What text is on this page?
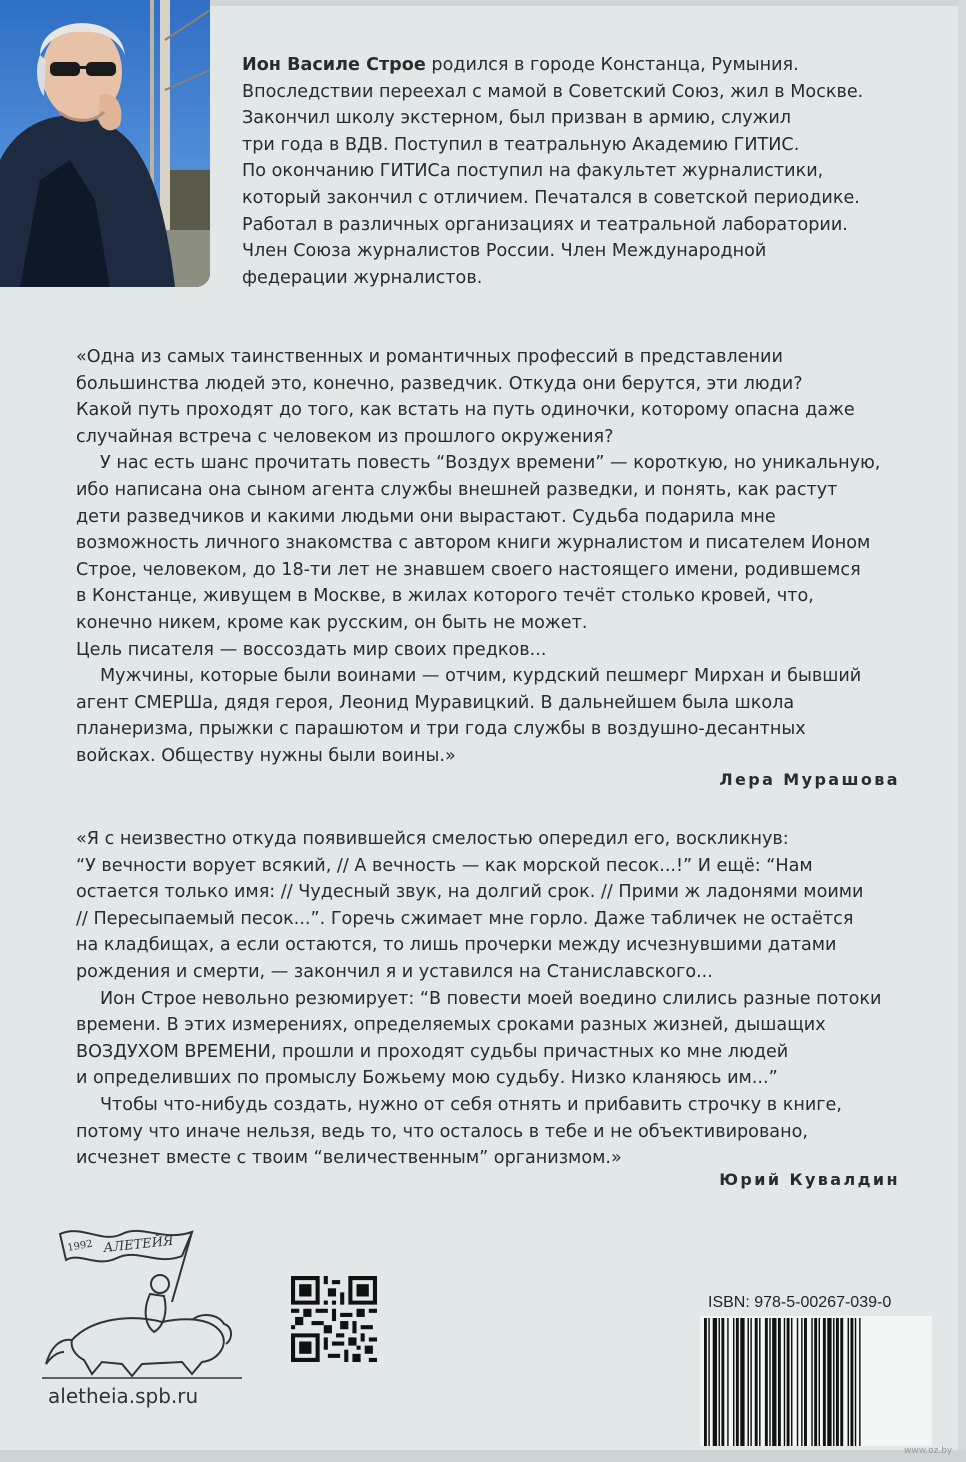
Ион Василе Строе родился в городе Констанца, Румыния.
Впоследствии переехал с мамой в Советский Союз, жил в Москве.
Закончил школу экстерном, был призван в армию, служил
три года в ВДВ. Поступил в театральную Академию ГИТИС.
По окончанию ГИТИСа поступил на факультет журналистики,
который закончил с отличием. Печатался в советской периодике.
Работал в различных организациях и театральной лаборатории.
Член Союза журналистов России. Член Международной
федерации журналистов.
«Одна из самых таинственных и романтичных профессий в представлении
большинства людей это, конечно, разведчик. Откуда они берутся, эти люди?
Какой путь проходят до того, как встать на путь одиночки, которому опасна даже
случайная встреча с человеком из прошлого окружения?
У нас есть шанс прочитать повесть “Воздух времени” — короткую, но уникальную,
ибо написана она сыном агента службы внешней разведки, и понять, как растут
дети разведчиков и какими людьми они вырастают. Судьба подарила мне
возможность личного знакомства с автором книги журналистом и писателем Ионом
Строе, человеком, до 18-ти лет не знавшем своего настоящего имени, родившемся
в Констанце, живущем в Москве, в жилах которого течёт столько кровей, что,
конечно никем, кроме как русским, он быть не может.
Цель писателя — воссоздать мир своих предков...
Мужчины, которые были воинами — отчим, курдский пешмерг Мирхан и бывший
агент СМЕРШа, дядя героя, Леонид Муравицкий. В дальнейшем была школа
планеризма, прыжки с парашютом и три года службы в воздушно-десантных
войсках. Обществу нужны были воины.»
Лера Мурашова
«Я с неизвестно откуда появившейся смелостью опередил его, воскликнув:
“У вечности ворует всякий, // А вечность — как морской песок...!” И ещё: “Нам
остается только имя: // Чудесный звук, на долгий срок. // Прими ж ладонями моими
// Пересыпаемый песок...”. Горечь сжимает мне горло. Даже табличек не остаётся
на кладбищах, а если остаются, то лишь прочерки между исчезнувшими датами
рождения и смерти, — закончил я и уставился на Станиславского...
Ион Строе невольно резюмирует: “В повести моей воедино слились разные потоки
времени. В этих измерениях, определяемых сроками разных жизней, дышащих
ВОЗДУХОМ ВРЕМЕНИ, прошли и проходят судьбы причастных ко мне людей
и определивших по промыслу Божьему мою судьбу. Низко кланяюсь им...”
Чтобы что-нибудь создать, нужно от себя отнять и прибавить строчку в книге,
потому что иначе нельзя, ведь то, что осталось в тебе и не объективировано,
исчезнет вместе с твоим “величественным” организмом.»
Юрий Кувалдин
1992 АЛЕТЕЙЯ
aletheia.spb.ru
ISBN: 978-5-00267-039-0
www.oz.by
